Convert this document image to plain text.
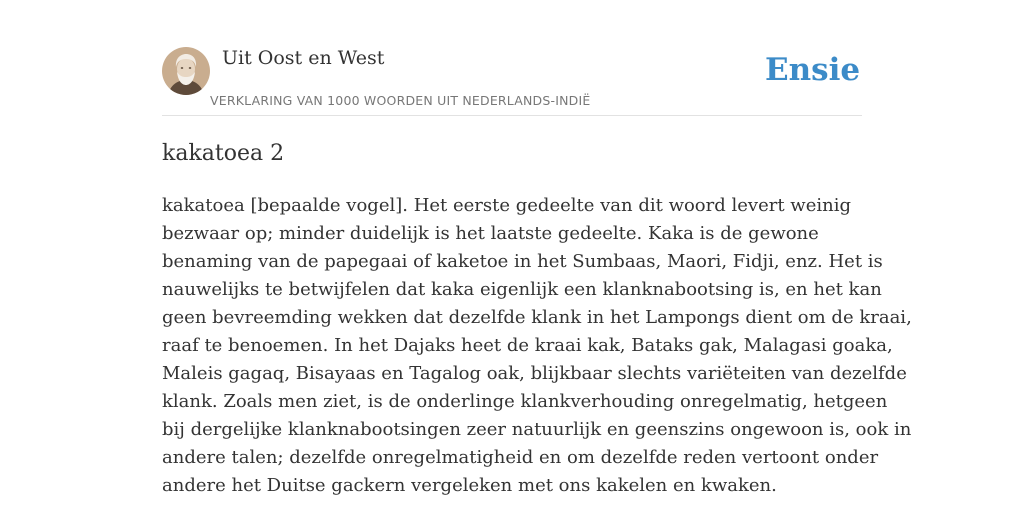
Uit Oost en West
VERKLARING VAN 1000 WOORDEN UIT NEDERLANDS-INDIË
Ensie
kakatoea 2
kakatoea [bepaalde vogel]. Het eerste gedeelte van dit woord levert weinig
bezwaar op; minder duidelijk is het laatste gedeelte. Kaka is de gewone
benaming van de papegaai of kaketoe in het Sumbaas, Maori, Fidji, enz. Het is
nauwelijks te betwijfelen dat kaka eigenlijk een klanknabootsing is, en het kan
geen bevreemding wekken dat dezelfde klank in het Lampongs dient om de kraai,
raaf te benoemen. In het Dajaks heet de kraai kak, Bataks gak, Malagasi goaka,
Maleis gagaq, Bisayaas en Tagalog oak, blijkbaar slechts variëteiten van dezelfde
klank. Zoals men ziet, is de onderlinge klankverhouding onregelmatig, hetgeen
bij dergelijke klanknabootsingen zeer natuurlijk en geenszins ongewoon is, ook in
andere talen; dezelfde onregelmatigheid en om dezelfde reden vertoont onder
andere het Duitse gackern vergeleken met ons kakelen en kwaken.
